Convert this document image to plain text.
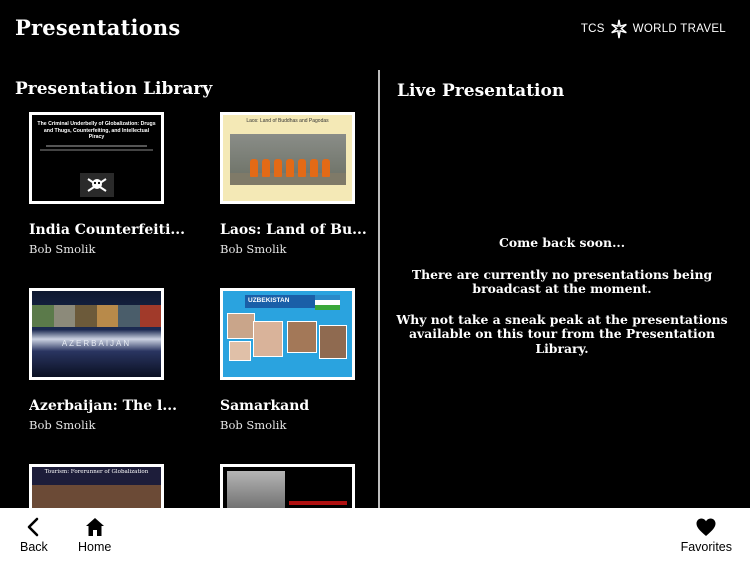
Presentations	TCS WORLD TRAVEL
Presentation Library	Live Presentation
The Criminal Underbelly of Globalization: Drugs and Thugs, Counterfeiting, and Intellectual Piracy
India Counterfeiti...
Bob Smolik
Laos: Land of Buddhas and Pagodas
Laos: Land of Bu...
Bob Smolik
AZERBAIJAN
Azerbaijan: The l...
Bob Smolik
UZBEKISTAN
Samarkand
Bob Smolik
Tourism: Forerunner of Globalization

Come back soon...

There are currently no presentations being broadcast at the moment.

Why not take a sneak peak at the presentations available on this tour from the Presentation Library.

Back Home	Favorites
